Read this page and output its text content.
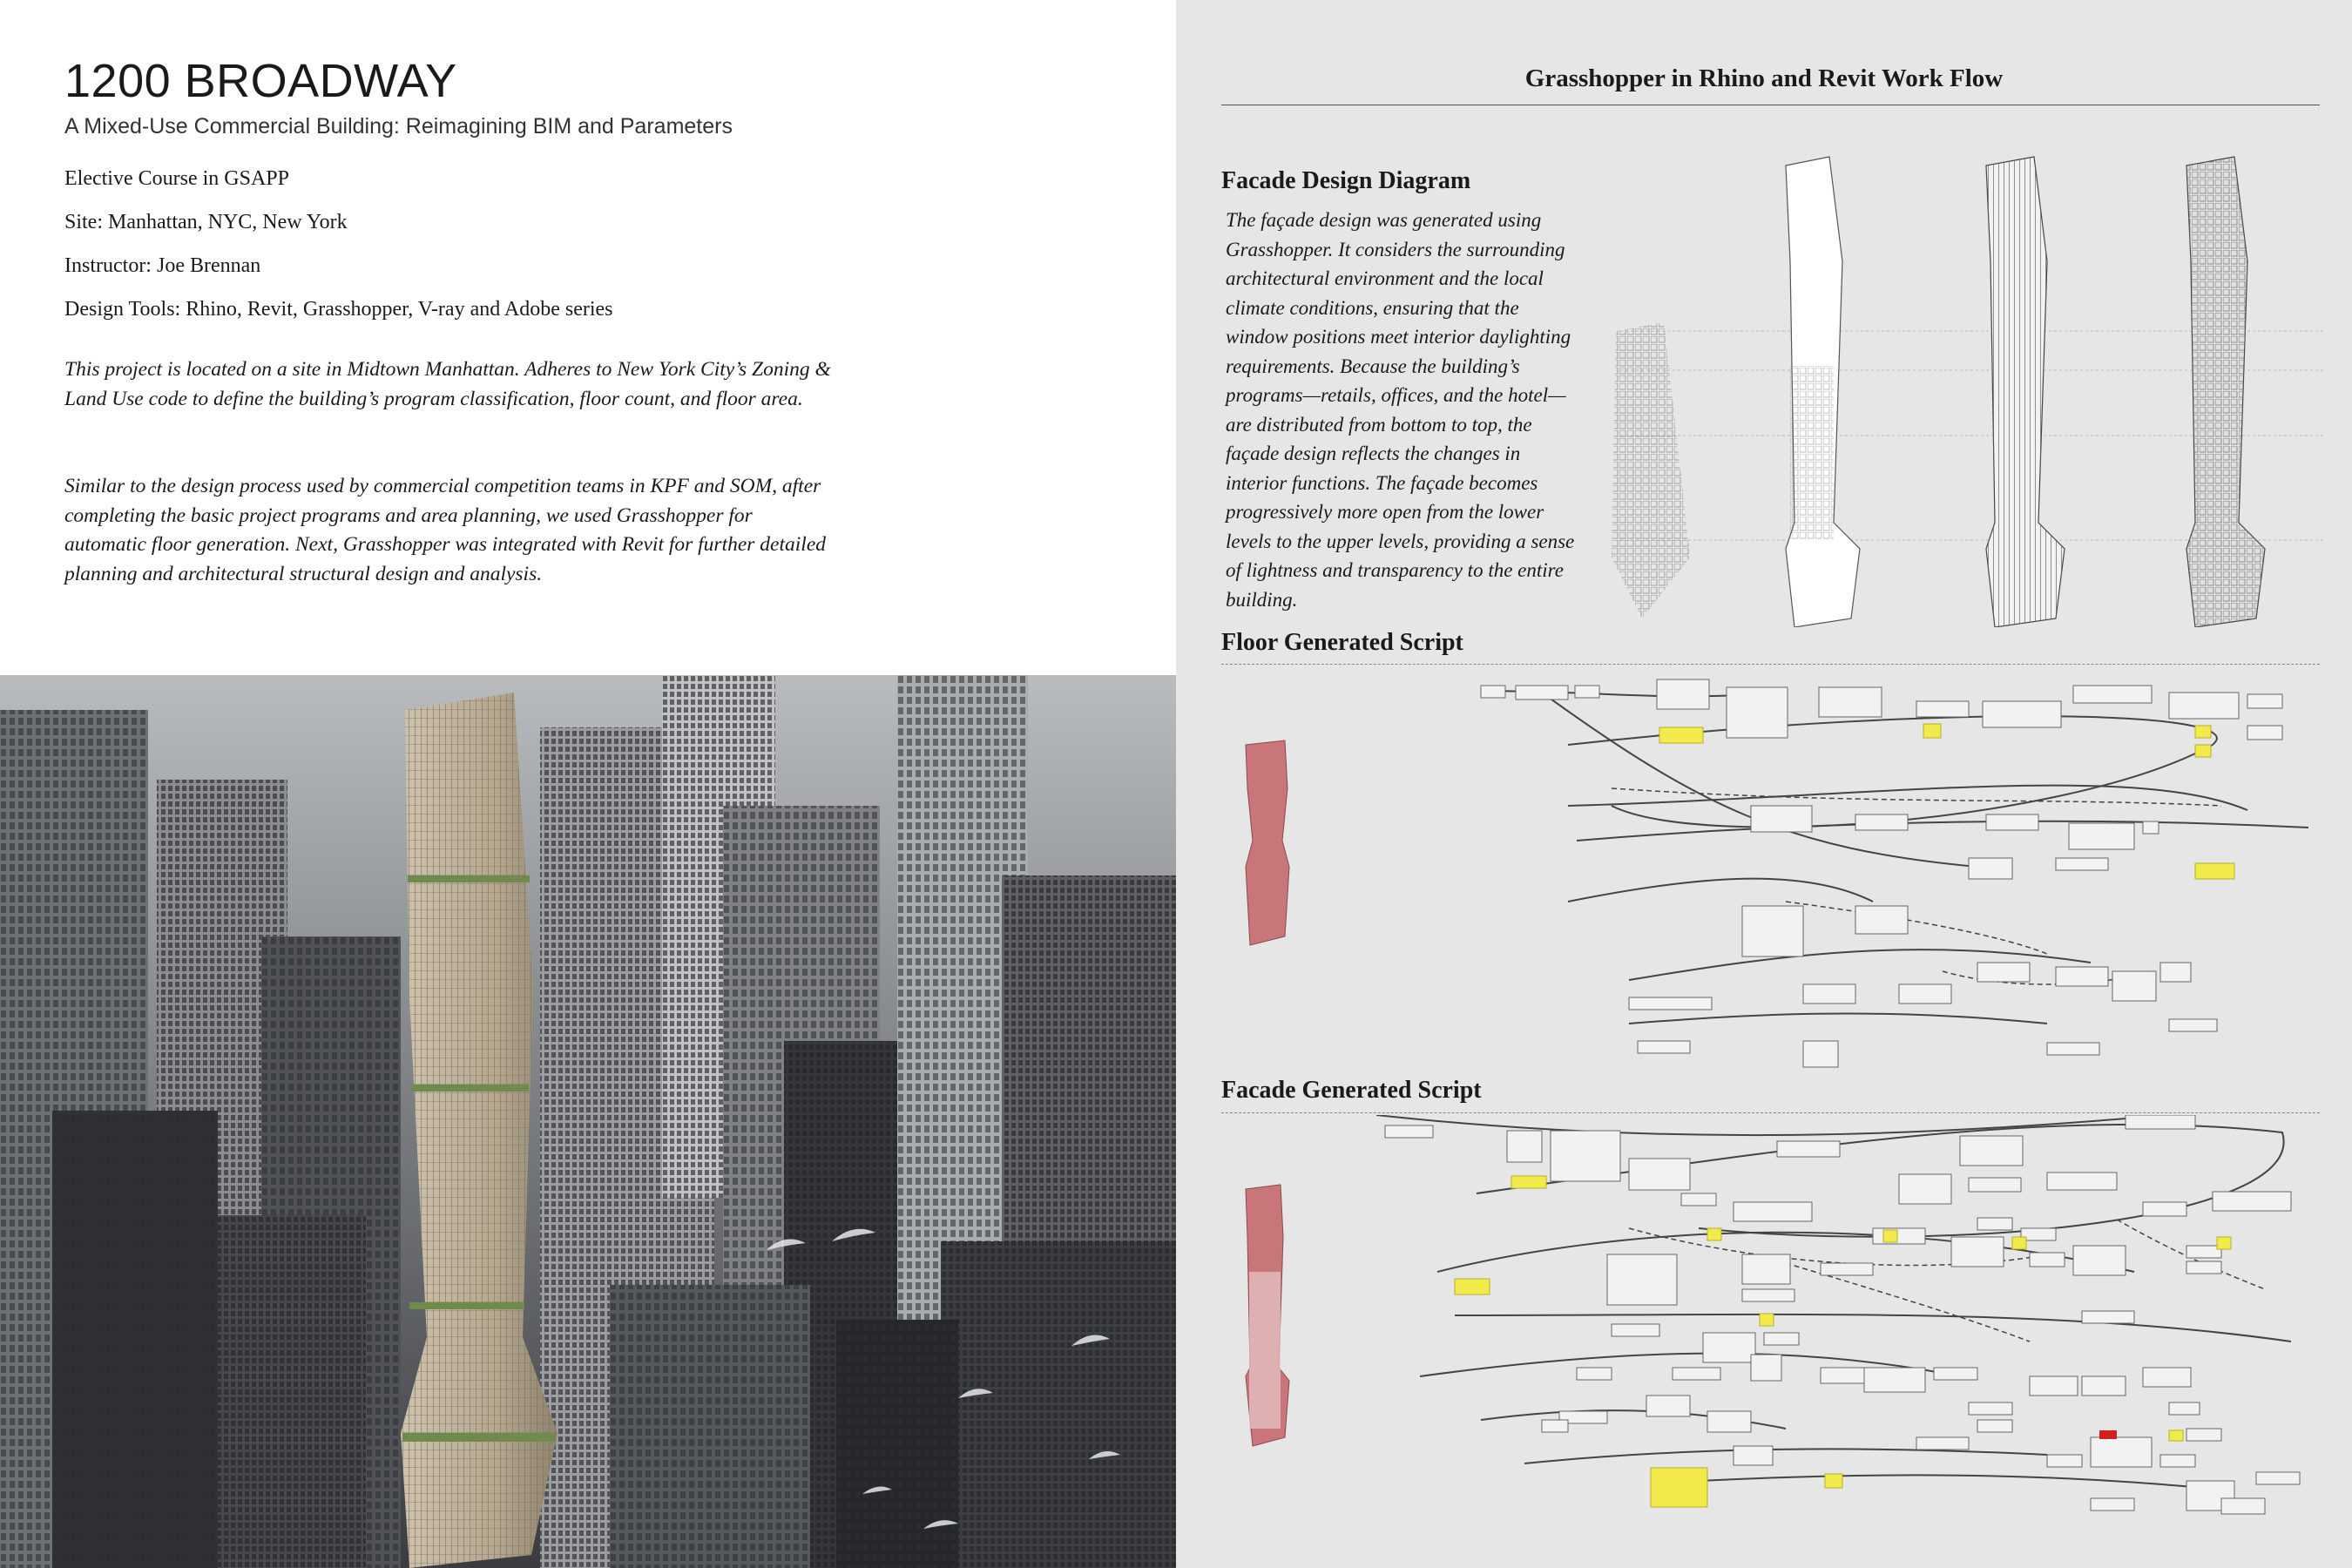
1200 BROADWAY

A Mixed-Use Commercial Building: Reimagining BIM and Parameters

Elective Course in GSAPP
Site: Manhattan, NYC, New York
Instructor: Joe Brennan
Design Tools: Rhino, Revit, Grasshopper, V-ray and Adobe series

This project is located on a site in Midtown Manhattan. Adheres to New York City’s Zoning & Land Use code to define the building’s program classification, floor count, and floor area.

Similar to the design process used by commercial competition teams in KPF and SOM, after completing the basic project programs and area planning, we used Grasshopper for automatic floor generation. Next, Grasshopper was integrated with Revit for further detailed planning and architectural structural design and analysis.

Grasshopper in Rhino and Revit Work Flow
Facade Design Diagram

The façade design was generated using Grasshopper. It considers the surrounding architectural environment and the local climate conditions, ensuring that the window positions meet interior daylighting requirements. Because the building’s programs—retails, offices, and the hotel—are distributed from bottom to top, the façade design reflects the changes in interior functions. The façade becomes progressively more open from the lower levels to the upper levels, providing a sense of lightness and transparency to the entire building.

Floor Generated Script
Facade Generated Script
